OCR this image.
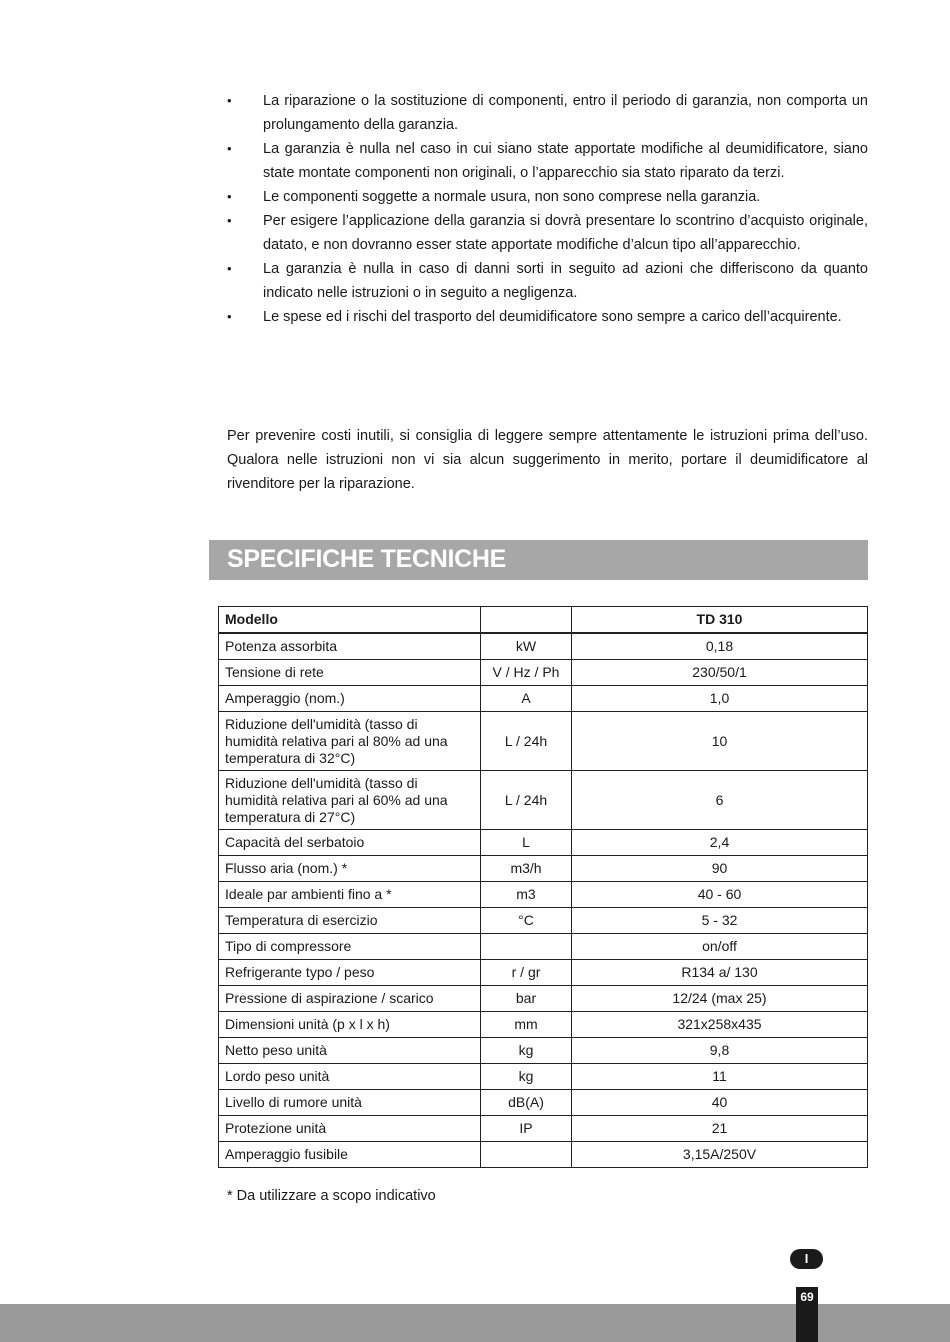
• La riparazione o la sostituzione di componenti, entro il periodo di garanzia, non comporta un prolungamento della garanzia.
• La garanzia è nulla nel caso in cui siano state apportate modifiche al deumidificatore, siano state montate componenti non originali, o l’apparecchio sia stato riparato da terzi.
• Le componenti soggette a normale usura, non sono comprese nella garanzia.
• Per esigere l’applicazione della garanzia si dovrà presentare lo scontrino d’acquisto originale, datato, e non dovranno esser state apportate modifiche d’alcun tipo all’apparecchio.
• La garanzia è nulla in caso di danni sorti in seguito ad azioni che differiscono da quanto indicato nelle istruzioni o in seguito a negligenza.
• Le spese ed i rischi del trasporto del deumidificatore sono sempre a carico dell’acquirente.

Per prevenire costi inutili, si consiglia di leggere sempre attentamente le istruzioni prima dell’uso. Qualora nelle istruzioni non vi sia alcun suggerimento in merito, portare il deumidificatore al rivenditore per la riparazione.

SPECIFICHE TECNICHE
Modello		TD 310
Potenza assorbita	kW	0,18
Tensione di rete	V / Hz / Ph	230/50/1
Amperaggio (nom.)	A	1,0
Riduzione dell'umidità (tasso di humidità relativa pari al 80% ad una temperatura di 32°C)	L / 24h	10
Riduzione dell'umidità (tasso di humidità relativa pari al 60% ad una temperatura di 27°C)	L / 24h	6
Capacità del serbatoio	L	2,4
Flusso aria (nom.) *	m3/h	90
Ideale par ambienti fino a *	m3	40 - 60
Temperatura di esercizio	°C	5 - 32
Tipo di compressore		on/off
Refrigerante typo / peso	r / gr	R134 a/ 130
Pressione di aspirazione / scarico	bar	12/24 (max 25)
Dimensioni unità (p x l x h)	mm	321x258x435
Netto peso unità	kg	9,8
Lordo peso unità	kg	11
Livello di rumore unità	dB(A)	40
Protezione unità	IP	21
Amperaggio fusibile		3,15A/250V

* Da utilizzare a scopo indicativo

I
69
